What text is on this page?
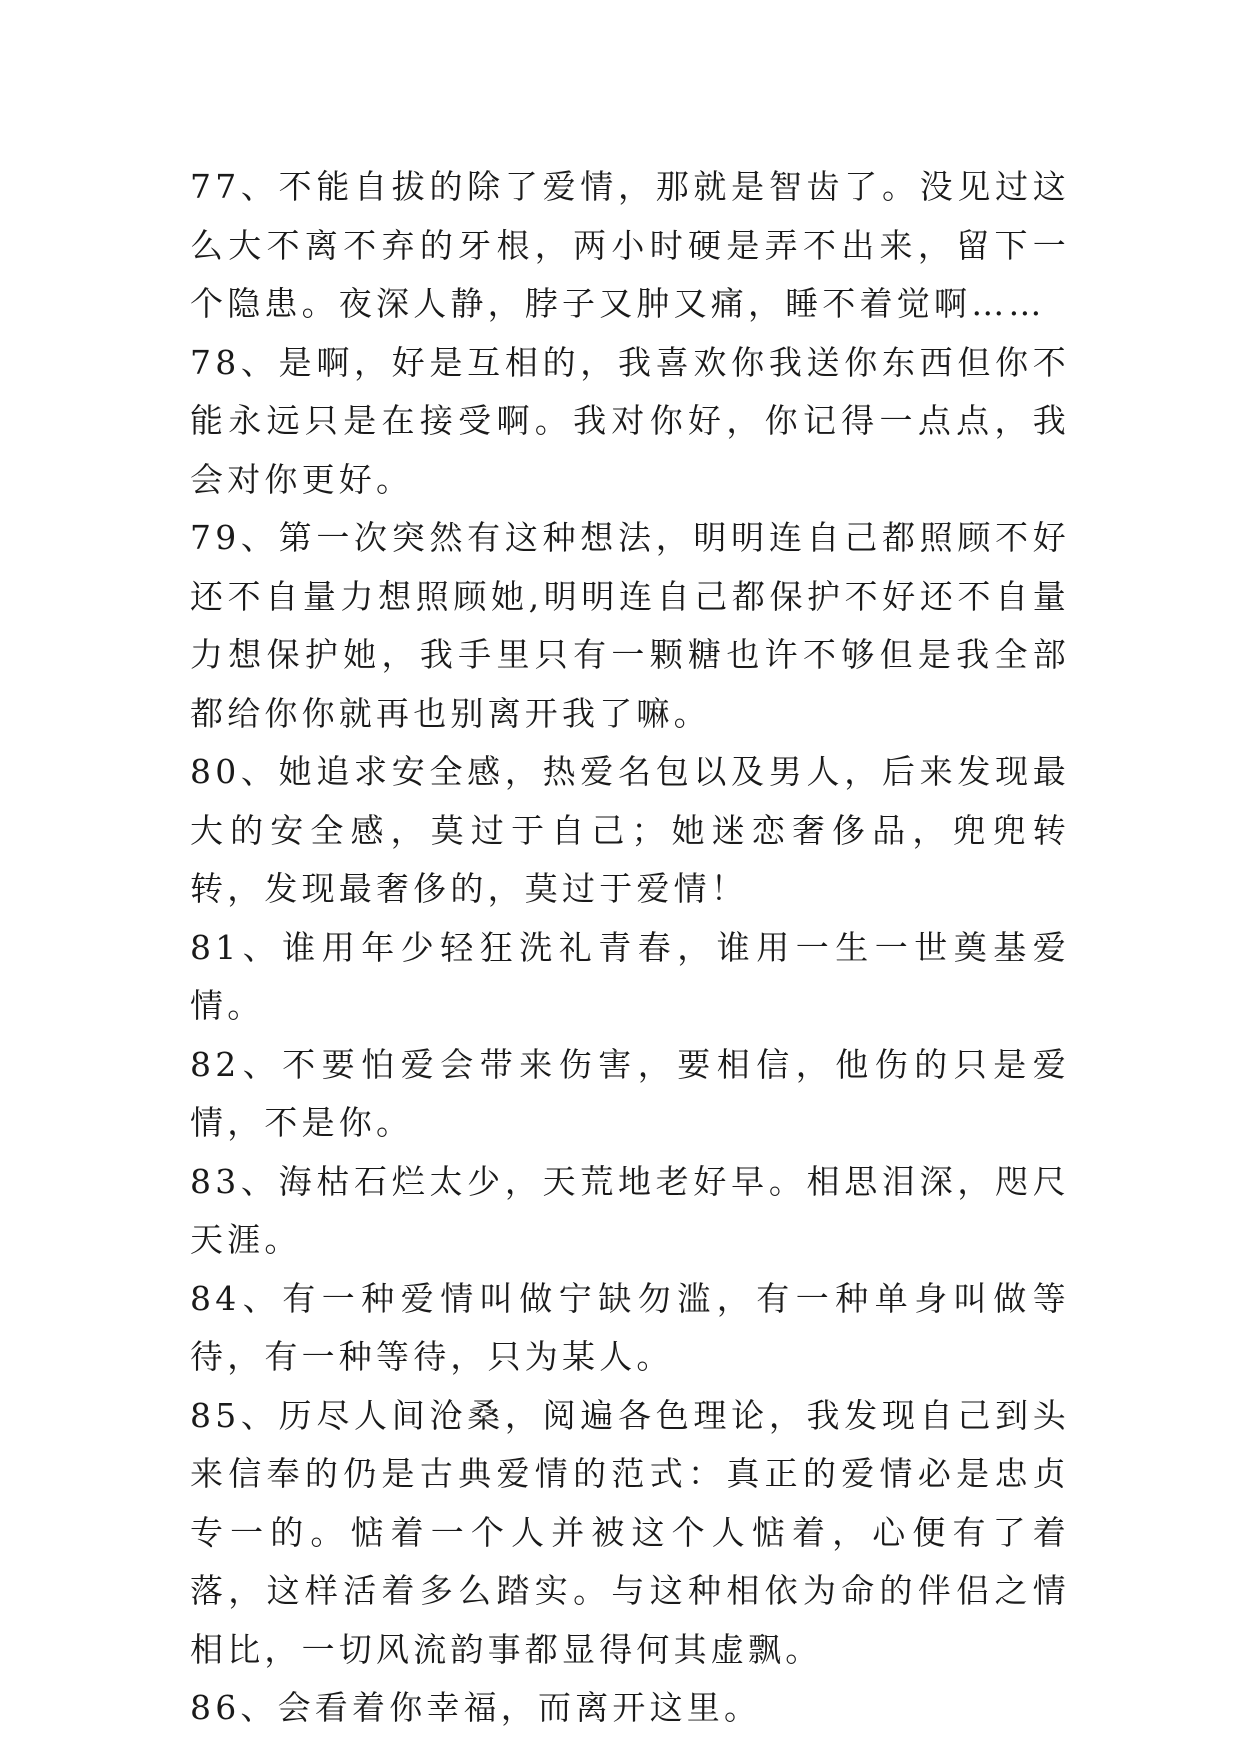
77、不能自拔的除了爱情，那就是智齿了。没见过这么大不离不弃的牙根，两小时硬是弄不出来，留下一个隐患。夜深人静，脖子又肿又痛，睡不着觉啊……

78、是啊，好是互相的，我喜欢你我送你东西但你不能永远只是在接受啊。我对你好，你记得一点点，我会对你更好。

79、第一次突然有这种想法，明明连自己都照顾不好还不自量力想照顾她,明明连自己都保护不好还不自量力想保护她，我手里只有一颗糖也许不够但是我全部都给你你就再也别离开我了嘛。

80、她追求安全感，热爱名包以及男人，后来发现最大的安全感，莫过于自己；她迷恋奢侈品，兜兜转转，发现最奢侈的，莫过于爱情！

81、谁用年少轻狂洗礼青春，谁用一生一世奠基爱情。

82、不要怕爱会带来伤害，要相信，他伤的只是爱情，不是你。

83、海枯石烂太少，天荒地老好早。相思泪深，咫尺天涯。

84、有一种爱情叫做宁缺勿滥，有一种单身叫做等待，有一种等待，只为某人。

85、历尽人间沧桑，阅遍各色理论，我发现自己到头来信奉的仍是古典爱情的范式：真正的爱情必是忠贞专一的。惦着一个人并被这个人惦着，心便有了着落，这样活着多么踏实。与这种相依为命的伴侣之情相比，一切风流韵事都显得何其虚飘。

86、会看着你幸福，而离开这里。
